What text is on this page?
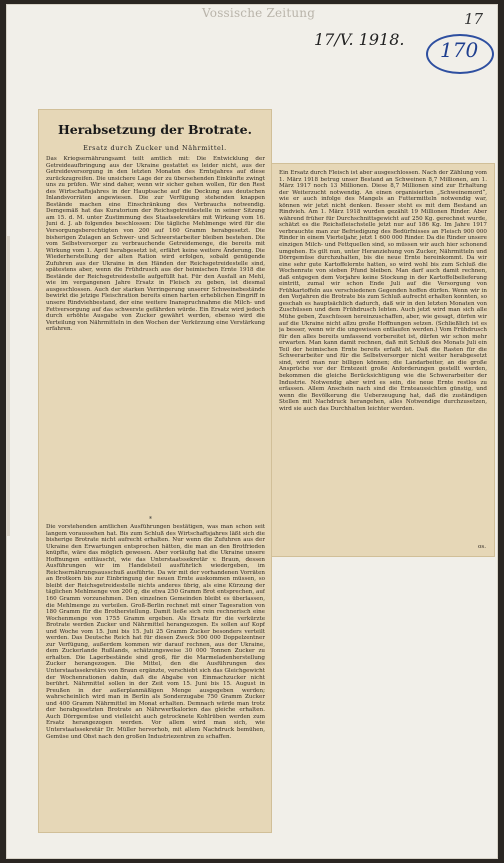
Vossische Zeitung
17/V. 1918.
17
170
Herabsetzung der Brotrate.
Ersatz durch Zucker und Nährmittel.
Das Kriegsernährungsamt teilt amtlich mit: Die Entwicklung der Getreideaufbringung aus der Ukraine gestattet es leider nicht, aus der Getreideversorgung in den letzten Monaten des Erntejahres auf diese zurückzugreifen. Die unsichere Lage der zu übersehenden Einkünfte zwingt uns zu prüfen. Wir sind daher, wenn wir sicher gehen wollen, für den Rest des Wirtschaftsjahres in der Hauptsache auf die Deckung aus deutschen Inlandsvorräten angewiesen. Die zur Verfügung stehenden knappen Bestände machen eine Einschränkung des Verbrauchs notwendig. Demgemäß hat das Kuratorium der Reichsgetreidestelle in seiner Sitzung am 15. d. M. unter Zustimmung des Staatssekretärs mit Wirkung vom 16. Juni d. J. ab folgendes beschlossen: Die tägliche Mehlmenge wird für die Versorgungsberechtigten von 200 auf 160 Gramm herabgesetzt. Die bisherigen Zulagen an Schwer- und Schwerstarbeiter bleiben bestehen. Die vom Selbstversorger zu verbrauchende Getreidemenge, die bereits mit Wirkung vom 1. April herabgesetzt ist, erfährt keine weitere Änderung. Die Wiederherstellung der alten Ration wird erfolgen, sobald genügende Zufuhren aus der Ukraine in den Händen der Reichsgetreidestelle sind, spätestens aber, wenn die Frühdrusch aus der heimischen Ernte 1918 die Bestände der Reichsgetreidestelle aufgefüllt hat. Für den Ausfall an Mehl, wie im vergangenen Jahre Ersatz in Fleisch zu geben, ist diesmal ausgeschlossen. Auch der starken Verringerung unserer Schweinebestände bewirkt die jetzige Fleischration bereits einen harten erheblichen Eingriff in unsere Rindviehbestand, der eine weitere Inanspruchnahme die Milch- und Fettversorgung auf das schwerste gefährden würde. Ein Ersatz wird jedoch durch erhöhte Ausgabe von Zucker gewährt werden, ebenso wird die Verteilung von Nährmitteln in den Wochen der Verkürzung eine Verstärkung erfahren.
*
Die vorstehenden amtlichen Ausführungen bestätigen, was man schon seit langem voraussehen hat. Bis zum Schluß des Wirtschaftsjahres läßt sich die bisherige Brotrate nicht aufrecht erhalten. Nur wenn die Zufuhren aus der Ukraine den Erwartungen entsprochen hätten, die man an den Brotfrieden knüpfte, wäre das möglich gewesen. Aber vorläufig hat die Ukraine unsere Hoffnungen enttäuscht, wie das Unterstaatssekretär v. Braun, dessen Ausführungen wir im Handelsteil ausführlich wiedergeben, im Reichsernährungsausschuß ausführte. Da wir mit der vorhandenen Vorräten an Brotkorn bis zur Einbringung der neuen Ernte auskommen müssen, so bleibt der Reichsgetreidestelle nichts anderes übrig, als eine Kürzung der täglichen Mehlmenge von 200 g, die etwa 250 Gramm Brot entsprechen, auf 160 Gramm vorzunehmen. Den einzelnen Gemeinden bleibt es überlassen, die Mehlmenge zu verteilen. Groß-Berlin rechnet mit einer Tagesration von 180 Gramm für die Brotherstellung. Damit ließe sich rein rechnerisch eine Wochenmenge von 1755 Gramm ergeben. Als Ersatz für die verkürzte Brotrate werden Zucker und Nährmittel herangezogen. Es sollen auf Kopf und Woche vom 15. Juni bis 15. Juli 25 Gramm Zucker besonders verteilt werden. Das Deutsche Reich hat für diesen Zweck 500 000 Doppelzentner zur Verfügung, außerdem kommen wir darauf rechnen, aus der Ukraine, dem Zuckerlande Rußlands, schätzungsweise 30 000 Tonnen Zucker zu erhalten. Die Lagerbestände sind groß, für die Marmeladenherstellung Zucker herangezogen. Die Mittel, den die Ausführungen des Unterstaatssekretärs von Braun ergänzte, verschiebt sich das Gleichgewicht der Wochenrationen dahin, daß die Abgabe von Einmachzucker nicht berührt. Nährmittel sollen in der Zeit vom 15. Juni bis 15. August in Preußen in der außerplanmäßigen Menge ausgegeben werden; wahrscheinlich wird man in Berlin als Sonderzugabe 750 Gramm Zucker und 400 Gramm Nährmittel im Monat erhalten. Demnach würde man trotz der herabgesetzten Brotrate an Nährwertkalorien das gleiche erhalten. Auch Dörrgemüse und vielleicht auch getrocknete Kohlrüben werden zum Ersatz herangezogen werden. Vor allem wird man sich, wie Unterstaatssekretär Dr. Müller hervorhob, mit allem Nachdruck bemühen, Gemüse und Obst nach den großen Industriezentren zu schaffen.
Ein Ersatz durch Fleisch ist aber ausgeschlossen. Nach der Zählung vom 1. März 1918 betrug unser Bestand an Schweinen 8,7 Millionen, am 1. März 1917 noch 13 Millionen. Diese 8,7 Millionen sind zur Erhaltung der Weiterzucht notwendig. An einen organisierten „Schweinemord“, wie er auch infolge des Mangels an Futtermitteln notwendig war, können wir jetzt nicht denken. Besser steht es mit dem Bestand an Rindvieh. Am 1. März 1918 wurden gezählt 19 Millionen Rinder. Aber während früher für Durchschnittsgewicht auf 250 Kg. gerechnet wurde, schätzt es die Reichsfleischstelle jetzt nur auf 186 Kg. Im Jahre 1917 verbrauchte man zur Befriedigung des Bedürfnisses an Fleisch 900 000 Rinder in einem Vierteljahr, jetzt 1 600 000 Rinder. Da die Rinder unsere einzigen Milch- und Fettquellen sind, so müssen wir auch hier schonend umgehen. Es gilt nun, unter Heranziehung von Zucker, Nährmitteln und Dörrgemüse durchzuhalten, bis die neue Ernte hereinkommt. Da wir eine sehr gute Kartoffelernte hatten, so wird wohl bis zum Schluß die Wochenrate von sieben Pfund bleiben. Man darf auch damit rechnen, daß entgegen dem Vorjahre keine Stockung in der Kartoffelbelieferung eintritt, zumal wir schon Ende Juli auf die Versorgung von Frühkartoffeln aus verschiedenen Gegenden hoffen dürfen. Wenn wir in den Vorjahren die Brotrate bis zum Schluß aufrecht erhalten konnten, so geschah es hauptsächlich dadurch, daß wir in den letzten Monaten von Zuschüssen und dem Frühdrusch lebten. Auch jetzt wird man sich alle Mühe geben, Zuschüssen hereinzuschaffen, aber, wie gesagt, dürfen wir auf die Ukraine nicht allzu große Hoffnungen setzen. (Schließlich ist es ja besser, wenn wir die ungewissen entlaufen werden.) Vom Frühdrusch für den alles bereits umfassend vorbereitet ist, dürfen wir schon mehr erwarten. Man kann damit rechnen, daß mit Schluß des Monats Juli ein Teil der heimischen Ernte bereits erfaßt ist. Daß die Rasten für die Schwerarbeiter und für die Selbstversorger nicht weiter herabgesetzt sind, wird man nur billigen können; die Landarbeiter, an die große Ansprüche vor der Erntezeit große Anforderungen gestellt werden, bekommen die gleiche Berücksichtigung wie die Schwerarbeiter der Industrie. Notwendig aber wird es sein, die neue Ernte restlos zu erfassen. Allem Anschein nach sind die Ernteaussichten günstig, und wenn die Bevölkerung die Ueberzeugung hat, daß die zuständigen Stellen mit Nachdruck herangehen, alles Notwendige durchzusetzen, wird sie auch das Durchhalten leichter werden.
os.
